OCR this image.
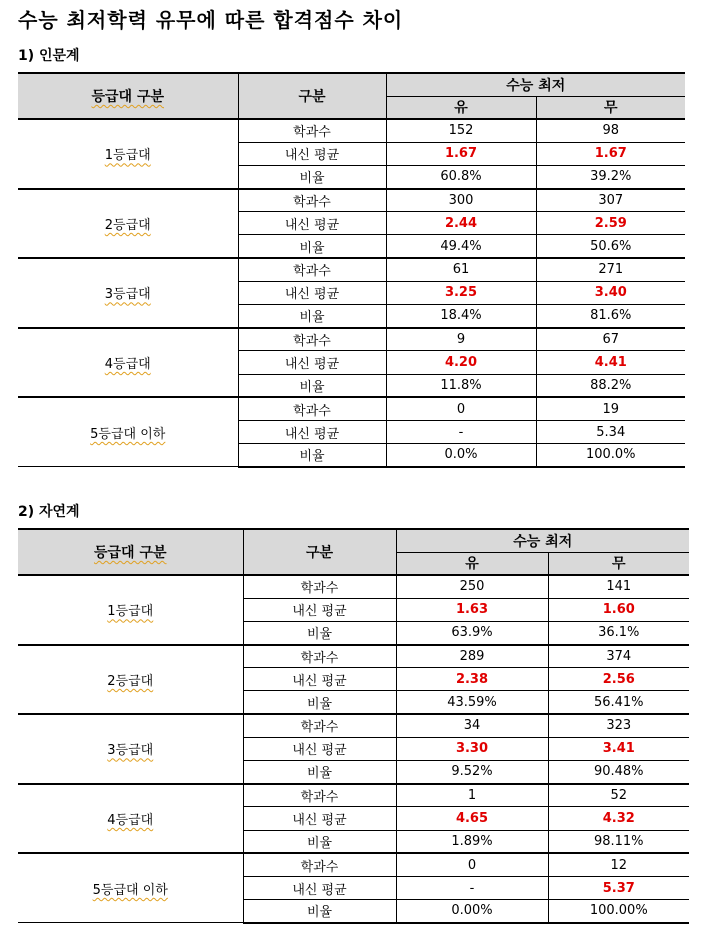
수능 최저학력 유무에 따른 합격점수 차이
1) 인문계
등급대 구분	구분	수능 최저	
		유	무
1등급대	학과수	152	98
	내신 평균	1.67	1.67
	비율	60.8%	39.2%
2등급대	학과수	300	307
	내신 평균	2.44	2.59
	비율	49.4%	50.6%
3등급대	학과수	61	271
	내신 평균	3.25	3.40
	비율	18.4%	81.6%
4등급대	학과수	9	67
	내신 평균	4.20	4.41
	비율	11.8%	88.2%
5등급대 이하	학과수	0	19
	내신 평균	-	5.34
	비율	0.0%	100.0%
2) 자연계
등급대 구분	구분	수능 최저	
		유	무
1등급대	학과수	250	141
	내신 평균	1.63	1.60
	비율	63.9%	36.1%
2등급대	학과수	289	374
	내신 평균	2.38	2.56
	비율	43.59%	56.41%
3등급대	학과수	34	323
	내신 평균	3.30	3.41
	비율	9.52%	90.48%
4등급대	학과수	1	52
	내신 평균	4.65	4.32
	비율	1.89%	98.11%
5등급대 이하	학과수	0	12
	내신 평균	-	5.37
	비율	0.00%	100.00%
